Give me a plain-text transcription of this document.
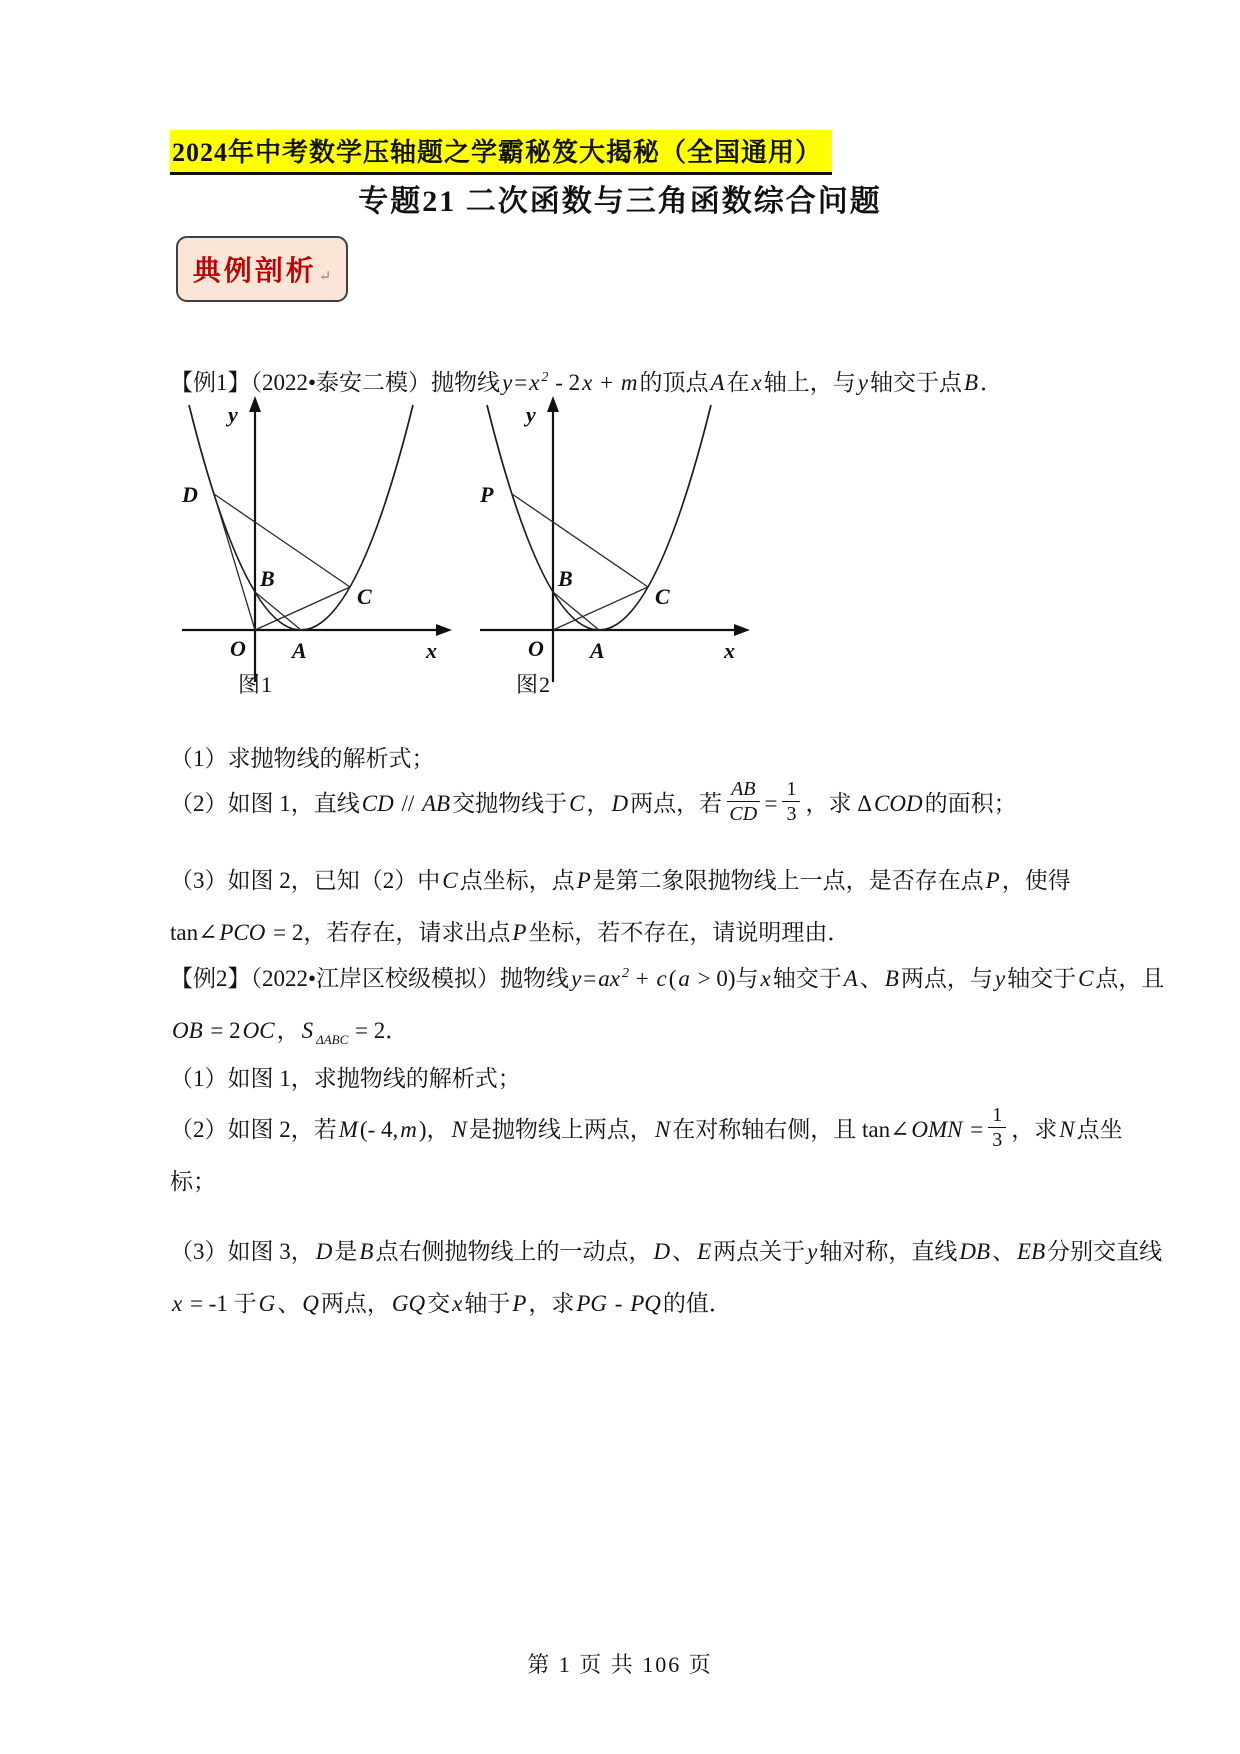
2024年中考数学压轴题之学霸秘笈大揭秘（全国通用）
专题21 二次函数与三角函数综合问题
典例剖析 ↵
【例1】（2022•泰安二模）抛物线y=x $^2$ - 2x + m的顶点A在x轴上，与y轴交于点B．
y
x
O A
B
C
D
y
x
O A
B
C
P
图1	图2
（1）求抛物线的解析式；
（2）如图 1，直线CD // AB交抛物线于C，D两点，若 $\frac{AB}{CD} = \frac{1}{3}$ ，求 ΔCOD的面积；
（3）如图 2，已知（2）中C点坐标，点P是第二象限抛物线上一点，是否存在点P，使得 tan∠PCO = 2，若存在，请求出点P坐标，若不存在，请说明理由．
【例2】（2022•江岸区校级模拟）抛物线y=ax $^2$ + c(a > 0)与x轴交于A、B两点，与y轴交于C点，且OB = 2OC，S $_{\Delta ABC}$ = 2．
（1）如图 1，求抛物线的解析式；
（2）如图 2，若M(- 4,m)，N是抛物线上两点，N在对称轴右侧，且 tan∠OMN = $\frac{1}{3}$ ，求N点坐标；
（3）如图 3，D是B点右侧抛物线上的一动点，D、E两点关于y轴对称，直线DB、EB分别交直线x = -1 于G、Q两点，GQ交x轴于P，求PG - PQ的值．
第 1 页 共 106 页
